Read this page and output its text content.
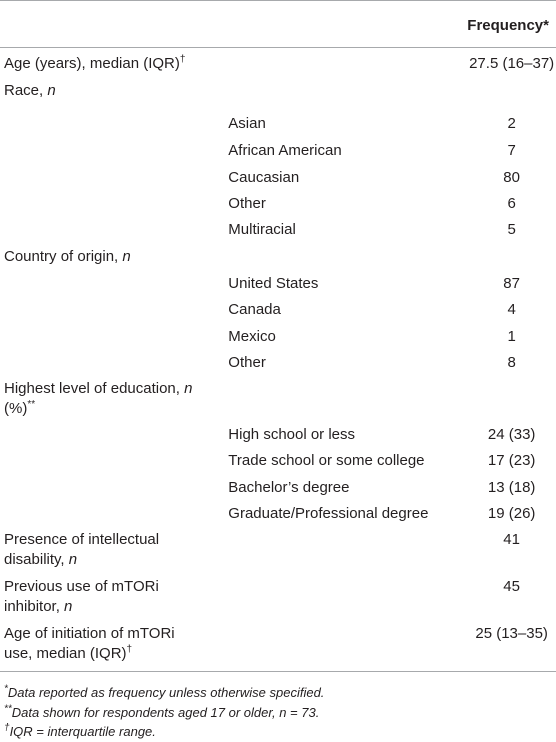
		Frequency*
Age (years), median (IQR)†		27.5 (16–37)
Race, n		
	Asian	2
	African American	7
	Caucasian	80
	Other	6
	Multiracial	5
Country of origin, n		
	United States	87
	Canada	4
	Mexico	1
	Other	8
Highest level of education, n
(%)**		
	High school or less	24 (33)
	Trade school or some college	17 (23)
	Bachelor’s degree	13 (18)
	Graduate/Professional degree	19 (26)
Presence of intellectual
disability, n		41
Previous use of mTORi
inhibitor, n		45
Age of initiation of mTORi
use, median (IQR)†		25 (13–35)

*Data reported as frequency unless otherwise specified.

**Data shown for respondents aged 17 or older, n = 73.

†IQR = interquartile range.
